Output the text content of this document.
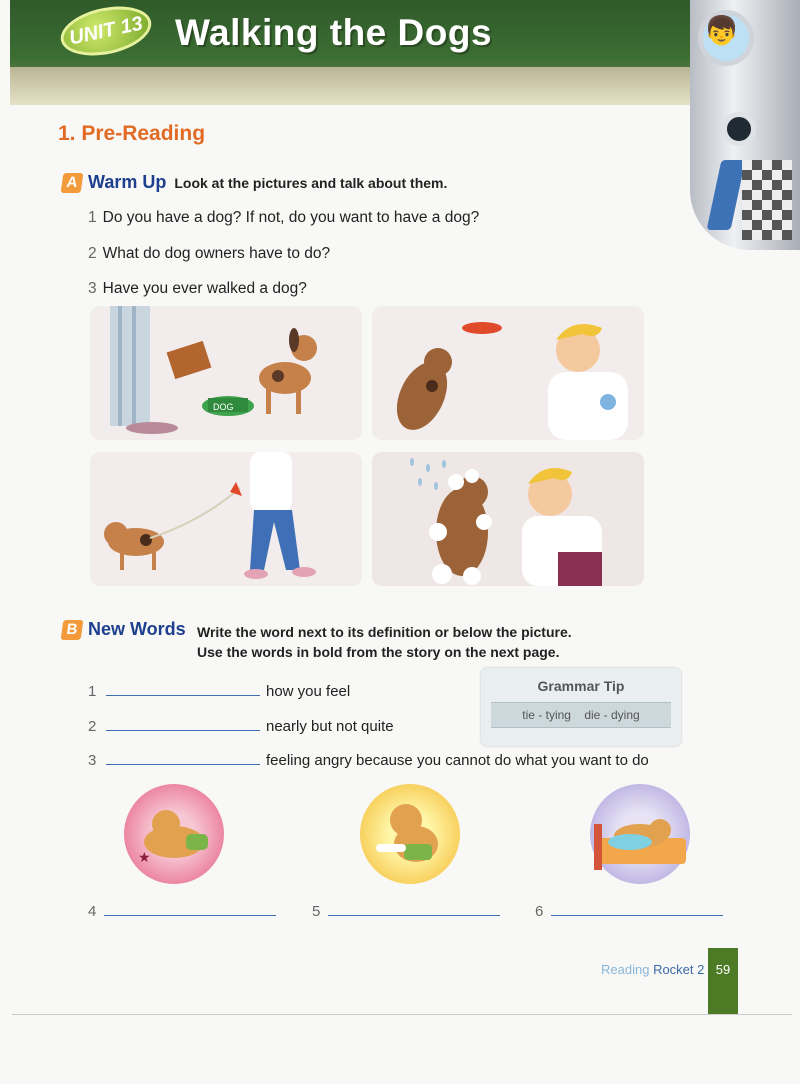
UNIT 13 Walking the Dogs	👦
1. Pre-Reading
A Warm Up Look at the pictures and talk about them.
1 Do you have a dog? If not, do you want to have a dog?
2 What do dog owners have to do?
3 Have you ever walked a dog?
DOG
B New Words Write the word next to its definition or below the picture.
Use the words in bold from the story on the next page.
1	how you feel
2	nearly but not quite
3	feeling angry because you cannot do what you want to do
Grammar Tip
tie - tying die - dying
★
4	5	6
Reading Rocket 2 59
